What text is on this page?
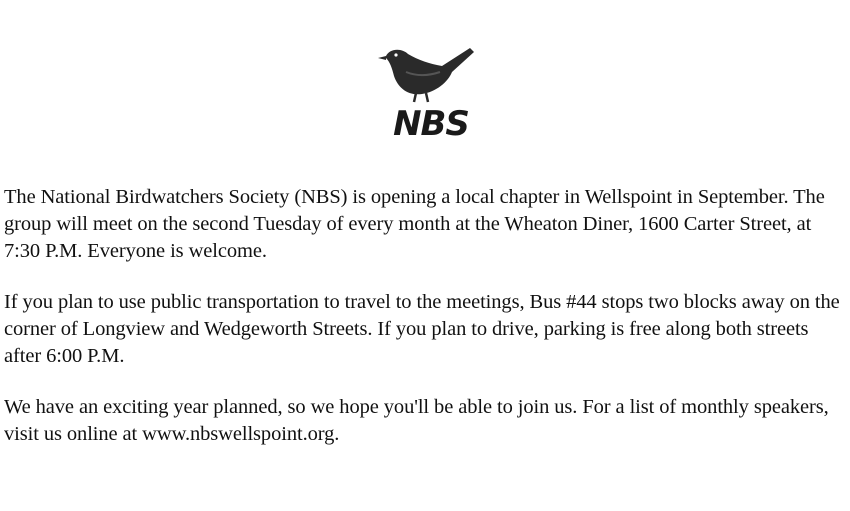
NBS

The National Birdwatchers Society (NBS) is opening a local chapter in Wellspoint in September. The group will meet on the second Tuesday of every month at the Wheaton Diner, 1600 Carter Street, at 7:30 P.M. Everyone is welcome.

If you plan to use public transportation to travel to the meetings, Bus #44 stops two blocks away on the corner of Longview and Wedgeworth Streets. If you plan to drive, parking is free along both streets after 6:00 P.M.

We have an exciting year planned, so we hope you'll be able to join us. For a list of monthly speakers, visit us online at www.nbswellspoint.org.
